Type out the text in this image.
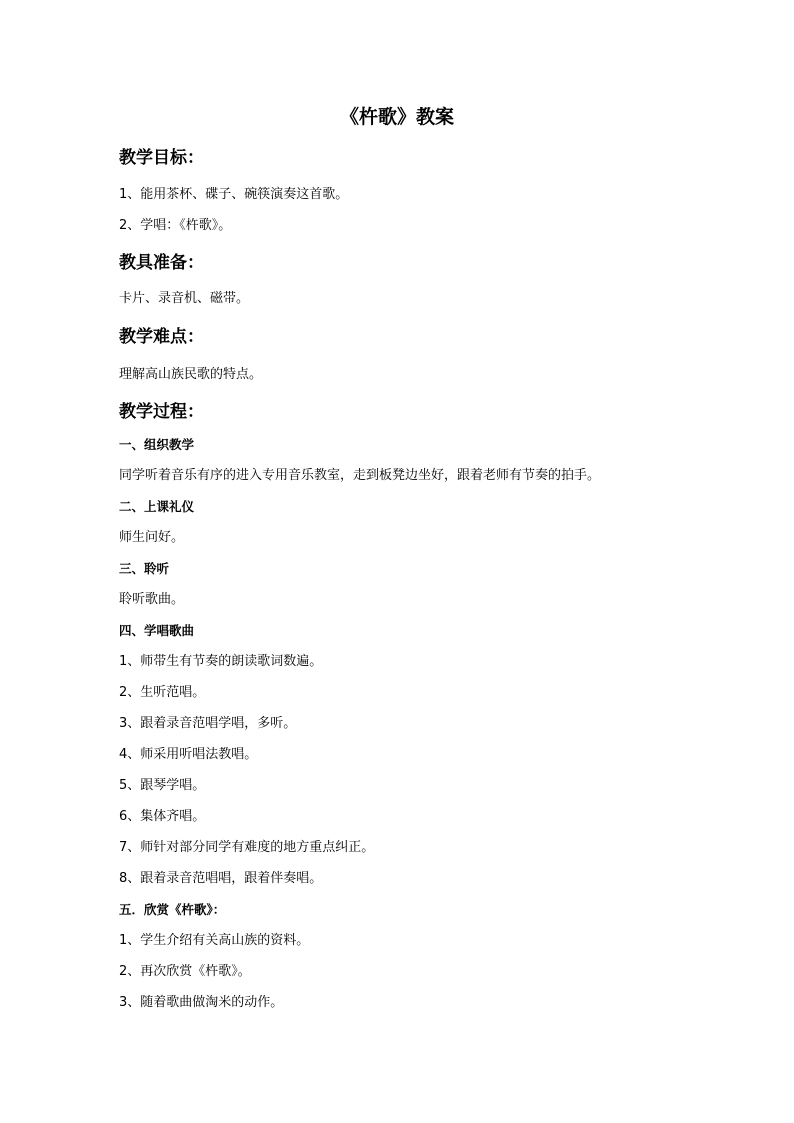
《杵歌》教案
教学目标：
1、能用茶杯、碟子、碗筷演奏这首歌。
2、学唱：《杵歌》。
教具准备：
卡片、录音机、磁带。
教学难点：
理解高山族民歌的特点。
教学过程：
一、组织教学
同学听着音乐有序的进入专用音乐教室，走到板凳边坐好，跟着老师有节奏的拍手。
二、上课礼仪
师生问好。
三、聆听
聆听歌曲。
四、学唱歌曲
1、师带生有节奏的朗读歌词数遍。
2、生听范唱。
3、跟着录音范唱学唱，多听。
4、师采用听唱法教唱。
5、跟琴学唱。
6、集体齐唱。
7、师针对部分同学有难度的地方重点纠正。
8、跟着录音范唱唱，跟着伴奏唱。
五．欣赏《杵歌》：
1、学生介绍有关高山族的资料。
2、再次欣赏《杵歌》。
3、随着歌曲做淘米的动作。
